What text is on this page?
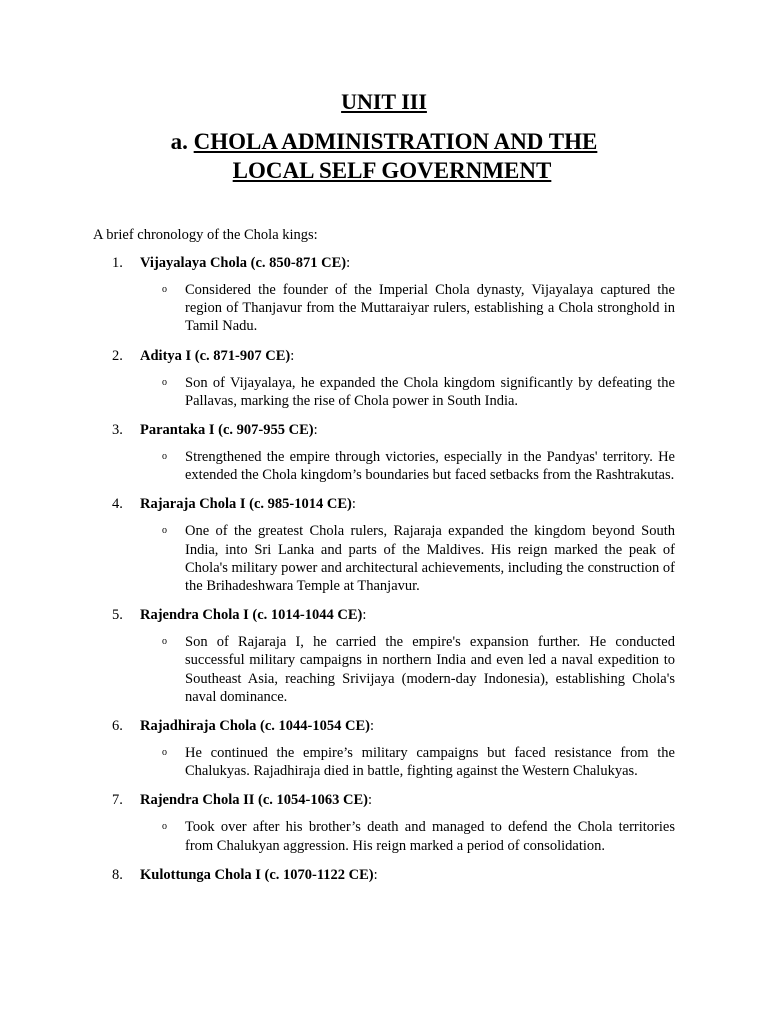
UNIT III
a. CHOLA ADMINISTRATION AND THE
LOCAL SELF GOVERNMENT
A brief chronology of the Chola kings:
1.	Vijayalaya Chola (c. 850-871 CE):
o Considered the founder of the Imperial Chola dynasty, Vijayalaya captured the region of Thanjavur from the Muttaraiyar rulers, establishing a Chola stronghold in Tamil Nadu.
2.	Aditya I (c. 871-907 CE):
o Son of Vijayalaya, he expanded the Chola kingdom significantly by defeating the Pallavas, marking the rise of Chola power in South India.
3.	Parantaka I (c. 907-955 CE):
o Strengthened the empire through victories, especially in the Pandyas' territory. He extended the Chola kingdom’s boundaries but faced setbacks from the Rashtrakutas.
4.	Rajaraja Chola I (c. 985-1014 CE):
o One of the greatest Chola rulers, Rajaraja expanded the kingdom beyond South India, into Sri Lanka and parts of the Maldives. His reign marked the peak of Chola's military power and architectural achievements, including the construction of the Brihadeshwara Temple at Thanjavur.
5.	Rajendra Chola I (c. 1014-1044 CE):
o Son of Rajaraja I, he carried the empire's expansion further. He conducted successful military campaigns in northern India and even led a naval expedition to Southeast Asia, reaching Srivijaya (modern-day Indonesia), establishing Chola's naval dominance.
6.	Rajadhiraja Chola (c. 1044-1054 CE):
o He continued the empire’s military campaigns but faced resistance from the Chalukyas. Rajadhiraja died in battle, fighting against the Western Chalukyas.
7.	Rajendra Chola II (c. 1054-1063 CE):
o Took over after his brother’s death and managed to defend the Chola territories from Chalukyan aggression. His reign marked a period of consolidation.
8.	Kulottunga Chola I (c. 1070-1122 CE):
